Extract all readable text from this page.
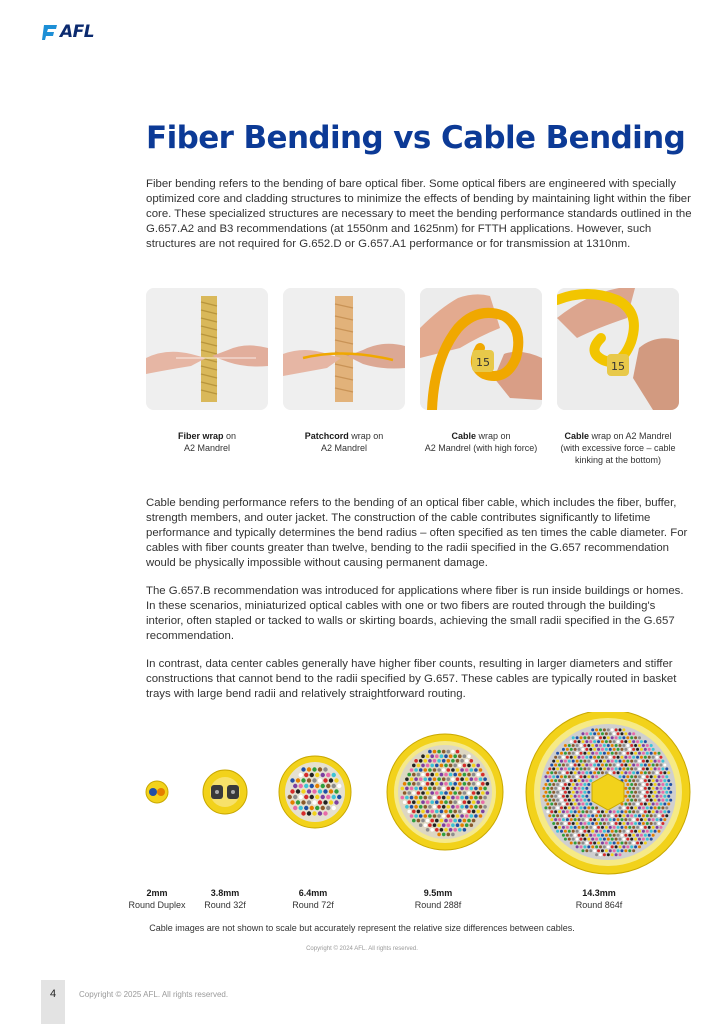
AFL
Fiber Bending vs Cable Bending

Fiber bending refers to the bending of bare optical fiber. Some optical fibers are engineered with specially optimized core and cladding structures to minimize the effects of bending by maintaining light within the fiber core. These specialized structures are necessary to meet the bending performance standards outlined in the G.657.A2 and B3 recommendations (at 1550nm and 1625nm) for FTTH applications. However, such structures are not required for G.652.D or G.657.A1 performance or for transmission at 1310nm.

15	15
Fiber wrap on
A2 Mandrel
Patchcord wrap on
A2 Mandrel
Cable wrap on
A2 Mandrel (with high force)
Cable wrap on A2 Mandrel
(with excessive force – cable
kinking at the bottom)

Cable bending performance refers to the bending of an optical fiber cable, which includes the fiber, buffer, strength members, and outer jacket. The construction of the cable contributes significantly to lifetime performance and typically determines the bend radius – often specified as ten times the cable diameter. For cables with fiber counts greater than twelve, bending to the radii specified in the G.657 recommendation would be physically impossible without causing permanent damage.

The G.657.B recommendation was introduced for applications where fiber is run inside buildings or homes. In these scenarios, miniaturized optical cables with one or two fibers are routed through the building's interior, often stapled or tacked to walls or skirting boards, achieving the small radii specified in the G.657 recommendation.

In contrast, data center cables generally have higher fiber counts, resulting in larger diameters and stiffer constructions that cannot bend to the radii specified by G.657. These cables are typically routed in basket trays with large bend radii and relatively straightforward routing.

2mm
Round Duplex
3.8mm
Round 32f
6.4mm
Round 72f
9.5mm
Round 288f
14.3mm
Round 864f
Cable images are not shown to scale but accurately represent the relative size differences between cables.
Copyright © 2024 AFL. All rights reserved.
4	Copyright © 2025 AFL. All rights reserved.
